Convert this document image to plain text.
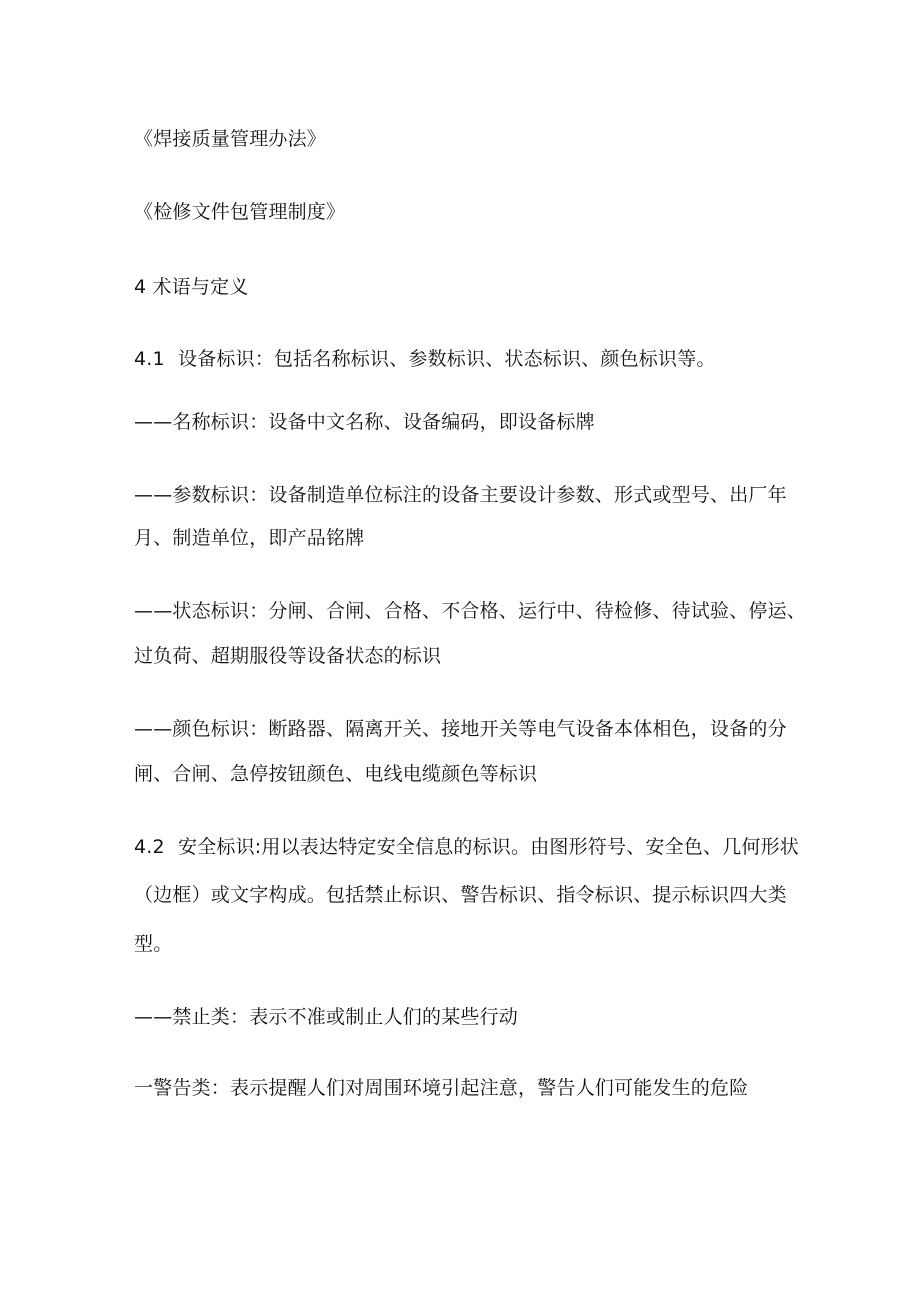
《焊接质量管理办法》
《检修文件包管理制度》
4 术语与定义
4.1 设备标识：包括名称标识、参数标识、状态标识、颜色标识等。
——名称标识：设备中文名称、设备编码，即设备标牌
——参数标识：设备制造单位标注的设备主要设计参数、形式或型号、出厂年
月、制造单位，即产品铭牌
——状态标识：分闸、合闸、合格、不合格、运行中、待检修、待试验、停运、
过负荷、超期服役等设备状态的标识
——颜色标识：断路器、隔离开关、接地开关等电气设备本体相色，设备的分
闸、合闸、急停按钮颜色、电线电缆颜色等标识
4.2 安全标识:用以表达特定安全信息的标识。由图形符号、安全色、几何形状
（边框）或文字构成。包括禁止标识、警告标识、指令标识、提示标识四大类
型。
——禁止类：表示不准或制止人们的某些行动
一警告类：表示提醒人们对周围环境引起注意，警告人们可能发生的危险
